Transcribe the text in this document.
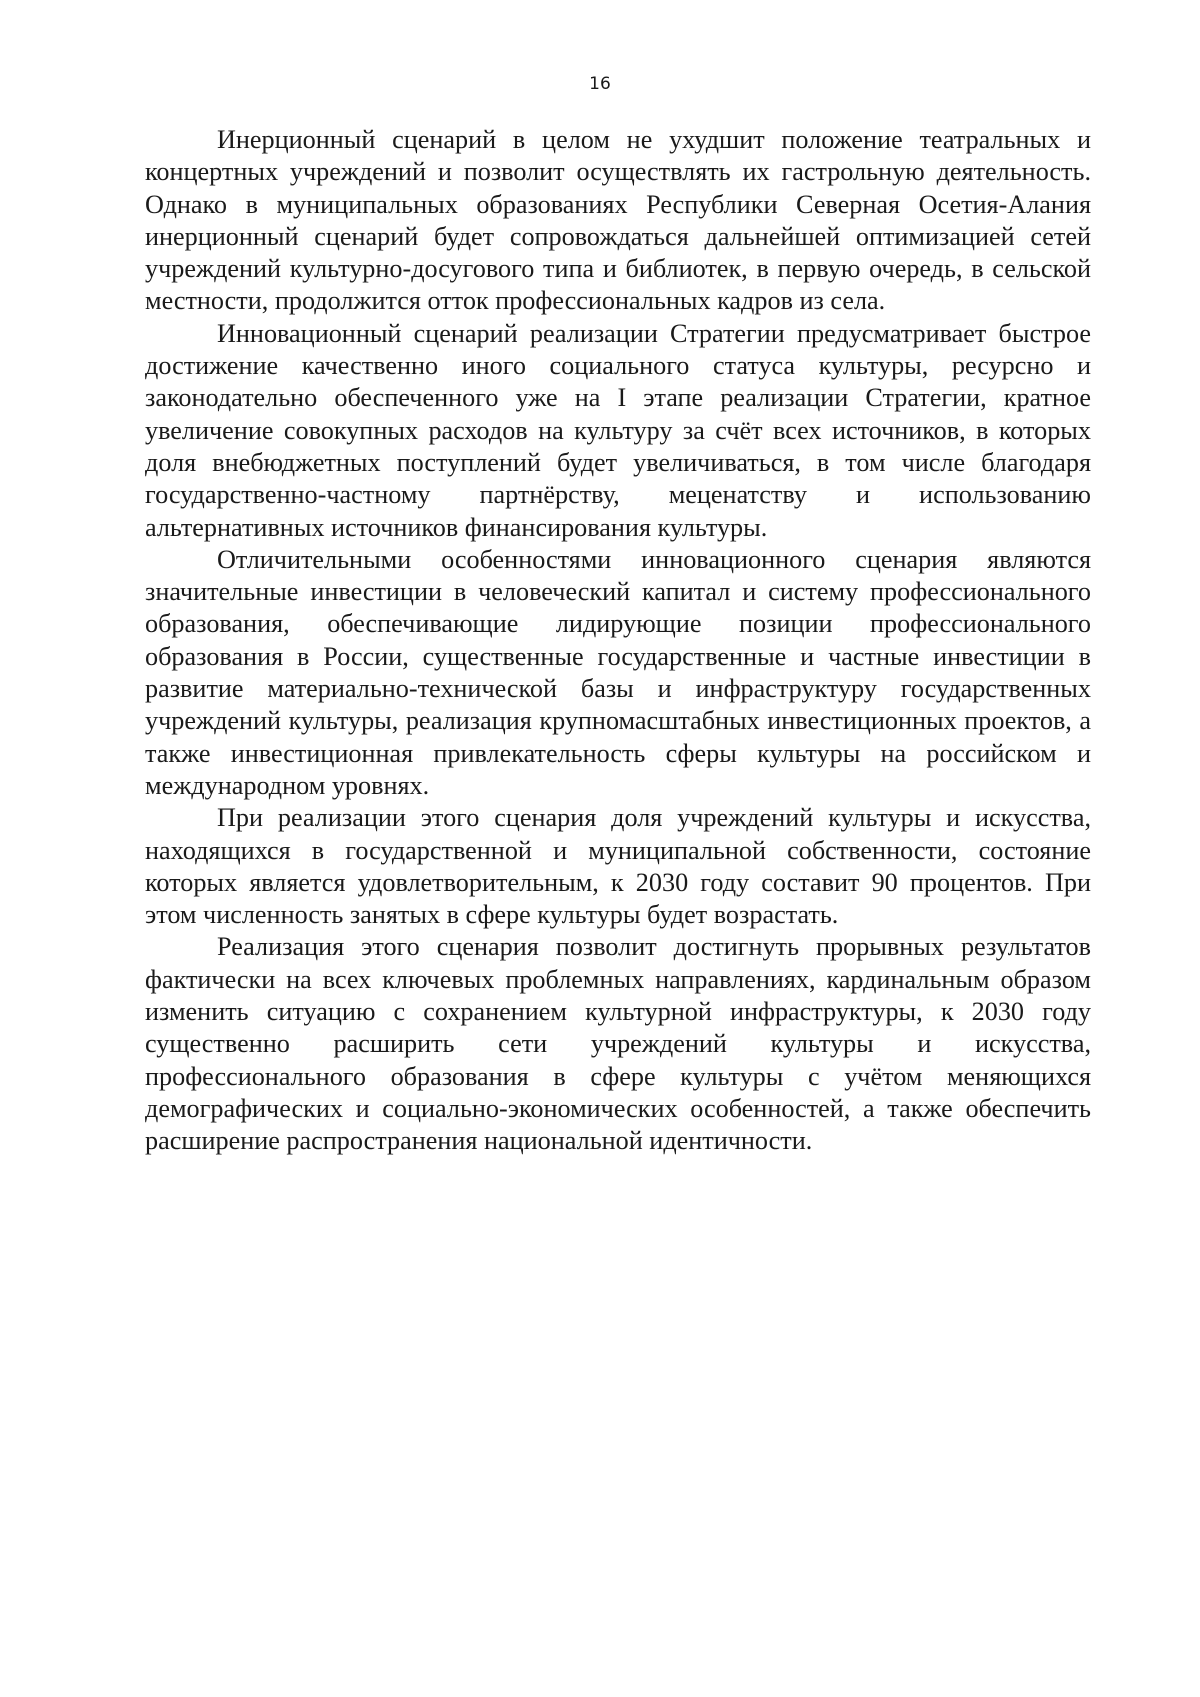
16

Инерционный сценарий в целом не ухудшит положение театральных и концертных учреждений и позволит осуществлять их гастрольную деятельность. Однако в муниципальных образованиях Республики Северная Осетия-Алания инерционный сценарий будет сопровождаться дальнейшей оптимизацией сетей учреждений культурно-досугового типа и библиотек, в первую очередь, в сельской местности, продолжится отток профессиональных кадров из села.

Инновационный сценарий реализации Стратегии предусматривает быстрое достижение качественно иного социального статуса культуры, ресурсно и законодательно обеспеченного уже на I этапе реализации Стратегии, кратное увеличение совокупных расходов на культуру за счёт всех источников, в которых доля внебюджетных поступлений будет увеличиваться, в том числе благодаря государственно-частному партнёрству, меценатству и использованию альтернативных источников финансирования культуры.

Отличительными особенностями инновационного сценария являются значительные инвестиции в человеческий капитал и систему профессионального образования, обеспечивающие лидирующие позиции профессионального образования в России, существенные государственные и частные инвестиции в развитие материально-технической базы и инфраструктуру государственных учреждений культуры, реализация крупномасштабных инвестиционных проектов, а также инвестиционная привлекательность сферы культуры на российском и международном уровнях.

При реализации этого сценария доля учреждений культуры и искусства, находящихся в государственной и муниципальной собственности, состояние которых является удовлетворительным, к 2030 году составит 90 процентов. При этом численность занятых в сфере культуры будет возрастать.

Реализация этого сценария позволит достигнуть прорывных результатов фактически на всех ключевых проблемных направлениях, кардинальным образом изменить ситуацию с сохранением культурной инфраструктуры, к 2030 году существенно расширить сети учреждений культуры и искусства, профессионального образования в сфере культуры с учётом меняющихся демографических и социально-экономических особенностей, а также обеспечить расширение распространения национальной идентичности.
